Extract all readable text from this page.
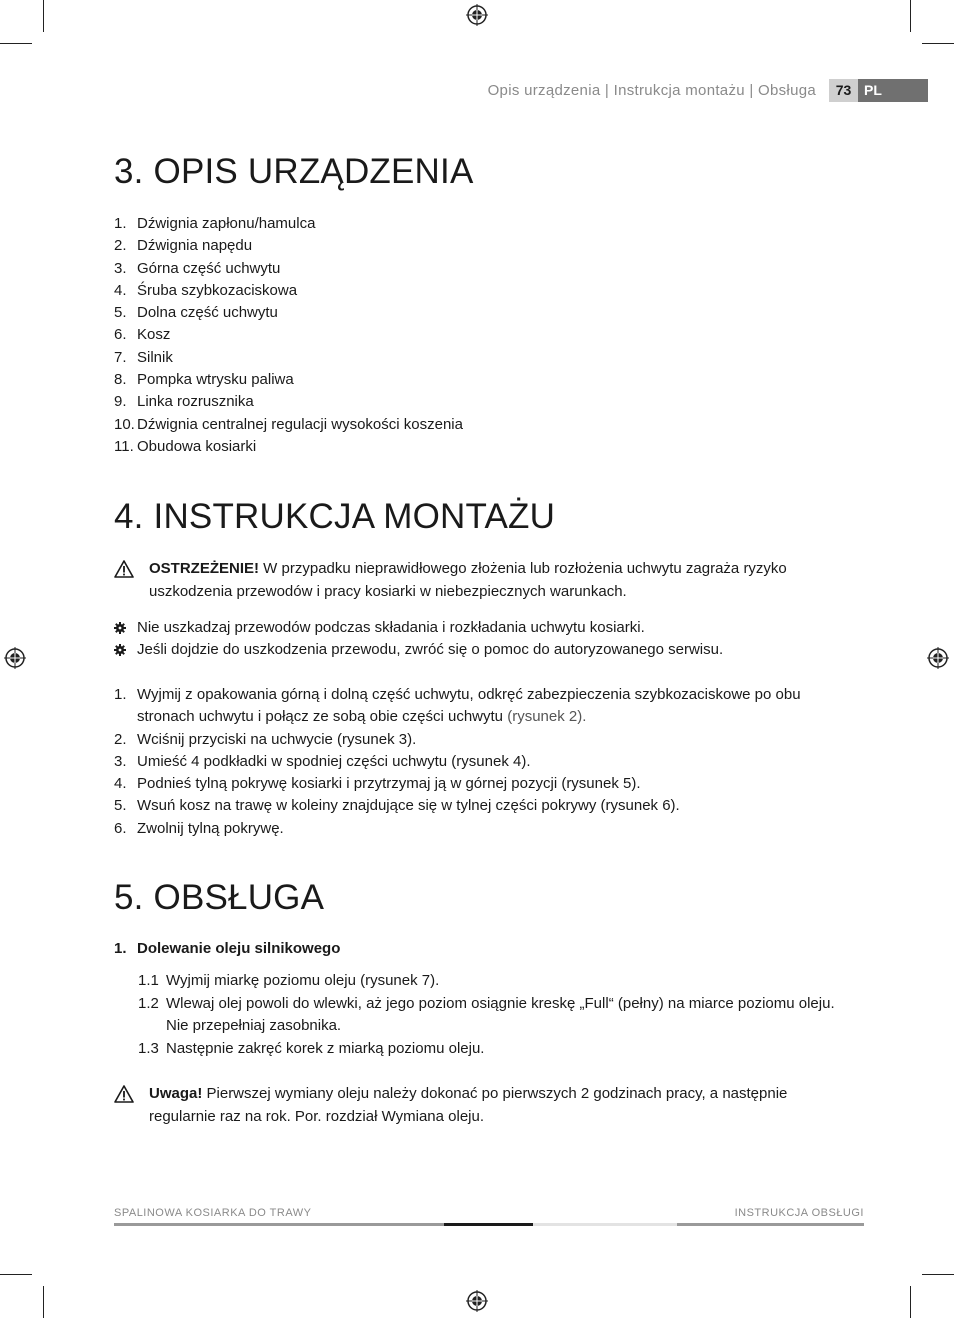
Opis urządzenia | Instrukcja montażu | Obsługa	73 PL
3. OPIS URZĄDZENIA
1. Dźwignia zapłonu/hamulca
2. Dźwignia napędu
3. Górna część uchwytu
4. Śruba szybkozaciskowa
5. Dolna część uchwytu
6. Kosz
7. Silnik
8. Pompka wtrysku paliwa
9. Linka rozrusznika
10. Dźwignia centralnej regulacji wysokości koszenia
11. Obudowa kosiarki
4. INSTRUKCJA MONTAŻU
OSTRZEŻENIE! W przypadku nieprawidłowego złożenia lub rozłożenia uchwytu zagraża ryzyko uszkodzenia przewodów i pracy kosiarki w niebezpiecznych warunkach.
Nie uszkadzaj przewodów podczas składania i rozkładania uchwytu kosiarki.
Jeśli dojdzie do uszkodzenia przewodu, zwróć się o pomoc do autoryzowanego serwisu.
1. Wyjmij z opakowania górną i dolną część uchwytu, odkręć zabezpieczenia szybkozaciskowe po obu stronach uchwytu i połącz ze sobą obie części uchwytu (rysunek 2).
2. Wciśnij przyciski na uchwycie (rysunek 3).
3. Umieść 4 podkładki w spodniej części uchwytu (rysunek 4).
4. Podnieś tylną pokrywę kosiarki i przytrzymaj ją w górnej pozycji (rysunek 5).
5. Wsuń kosz na trawę w koleiny znajdujące się w tylnej części pokrywy (rysunek 6).
6. Zwolnij tylną pokrywę.
5. OBSŁUGA
1. Dolewanie oleju silnikowego
1.1 Wyjmij miarkę poziomu oleju (rysunek 7).
1.2 Wlewaj olej powoli do wlewki, aż jego poziom osiągnie kreskę „Full“ (pełny) na miarce poziomu oleju. Nie przepełniaj zasobnika.
1.3 Następnie zakręć korek z miarką poziomu oleju.
Uwaga! Pierwszej wymiany oleju należy dokonać po pierwszych 2 godzinach pracy, a następnie regularnie raz na rok. Por. rozdział Wymiana oleju.
SPALINOWA KOSIARKA DO TRAWY	INSTRUKCJA OBSŁUGI
